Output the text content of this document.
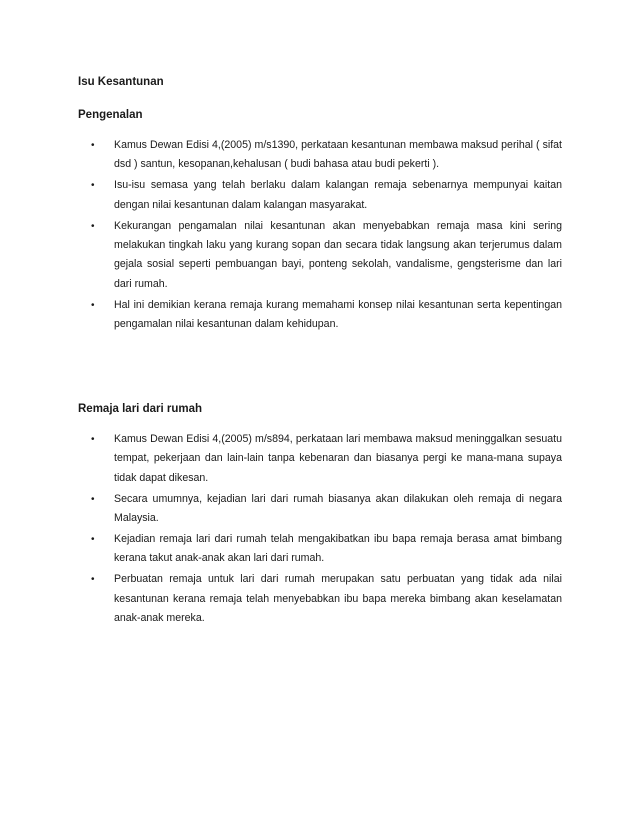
Isu Kesantunan
Pengenalan
•	Kamus Dewan Edisi 4,(2005) m/s1390, perkataan kesantunan membawa maksud perihal ( sifat dsd ) santun, kesopanan,kehalusan ( budi bahasa atau budi pekerti ).
•	Isu-isu semasa yang telah berlaku dalam kalangan remaja sebenarnya mempunyai kaitan dengan nilai kesantunan dalam kalangan masyarakat.
•	Kekurangan pengamalan nilai kesantunan akan menyebabkan remaja masa kini sering melakukan tingkah laku yang kurang sopan dan secara tidak langsung akan terjerumus dalam gejala sosial seperti pembuangan bayi, ponteng sekolah, vandalisme, gengsterisme dan lari dari rumah.
•	Hal ini demikian kerana remaja kurang memahami konsep nilai kesantunan serta kepentingan pengamalan nilai kesantunan dalam kehidupan.
Remaja lari dari rumah
•	Kamus Dewan Edisi 4,(2005) m/s894, perkataan lari membawa maksud meninggalkan sesuatu tempat, pekerjaan dan lain-lain tanpa kebenaran dan biasanya pergi ke mana-mana supaya tidak dapat dikesan.
•	Secara umumnya, kejadian lari dari rumah biasanya akan dilakukan oleh remaja di negara Malaysia.
•	Kejadian remaja lari dari rumah telah mengakibatkan ibu bapa remaja berasa amat bimbang kerana takut anak-anak akan lari dari rumah.
•	Perbuatan remaja untuk lari dari rumah merupakan satu perbuatan yang tidak ada nilai kesantunan kerana remaja telah menyebabkan ibu bapa mereka bimbang akan keselamatan anak-anak mereka.
